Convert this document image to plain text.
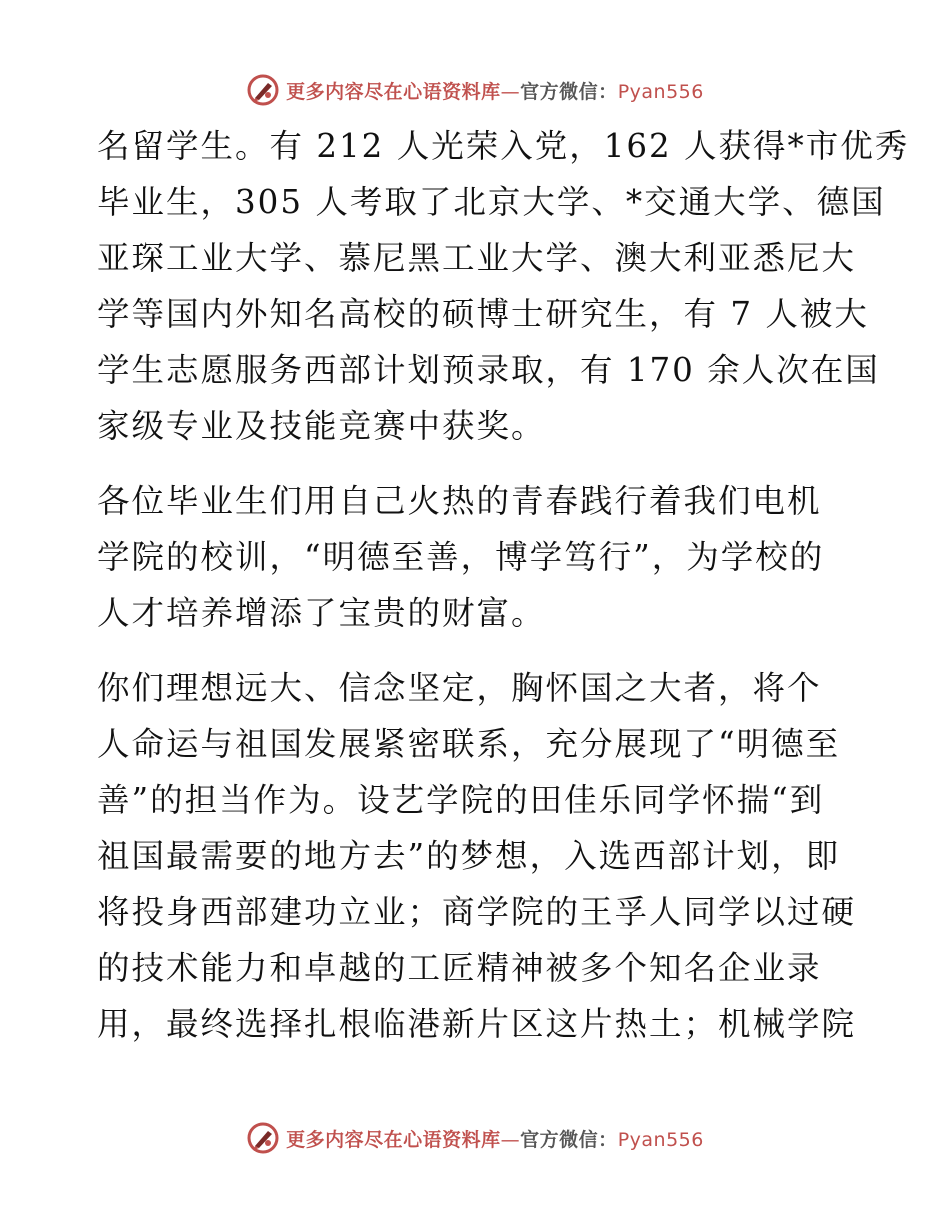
更多内容尽在心语资料库—官方微信：Pyan556

名留学生。有 212 人光荣入党，162 人获得*市优秀
毕业生，305 人考取了北京大学、*交通大学、德国
亚琛工业大学、慕尼黑工业大学、澳大利亚悉尼大
学等国内外知名高校的硕博士研究生，有 7 人被大
学生志愿服务西部计划预录取，有 170 余人次在国
家级专业及技能竞赛中获奖。

各位毕业生们用自己火热的青春践行着我们电机
学院的校训，“明德至善，博学笃行”，为学校的
人才培养增添了宝贵的财富。

你们理想远大、信念坚定，胸怀国之大者，将个
人命运与祖国发展紧密联系，充分展现了“明德至
善”的担当作为。设艺学院的田佳乐同学怀揣“到
祖国最需要的地方去”的梦想，入选西部计划，即
将投身西部建功立业；商学院的王孚人同学以过硬
的技术能力和卓越的工匠精神被多个知名企业录
用，最终选择扎根临港新片区这片热土；机械学院

更多内容尽在心语资料库—官方微信：Pyan556
